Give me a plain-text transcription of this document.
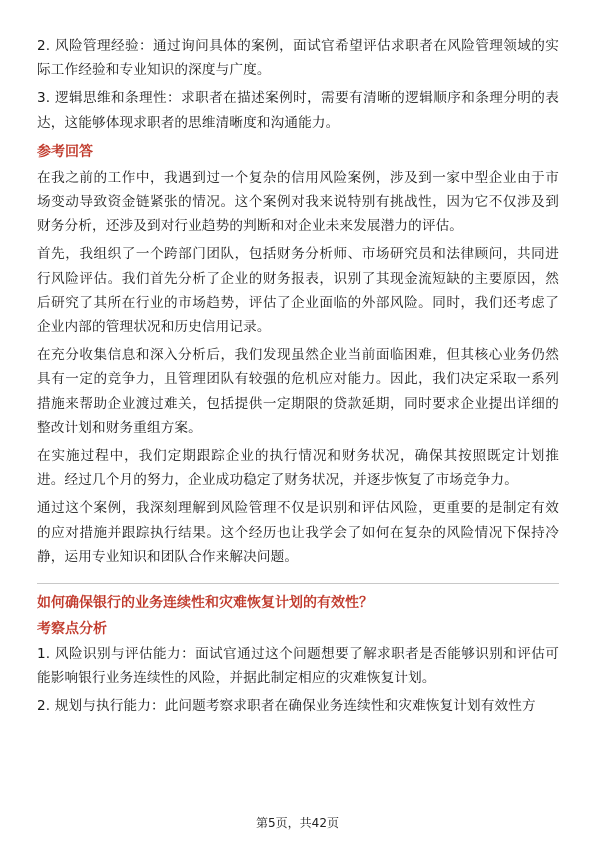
2. 风险管理经验：通过询问具体的案例，面试官希望评估求职者在风险管理领域的实际工作经验和专业知识的深度与广度。

3. 逻辑思维和条理性：求职者在描述案例时，需要有清晰的逻辑顺序和条理分明的表达，这能够体现求职者的思维清晰度和沟通能力。

参考回答

在我之前的工作中，我遇到过一个复杂的信用风险案例，涉及到一家中型企业由于市场变动导致资金链紧张的情况。这个案例对我来说特别有挑战性，因为它不仅涉及到财务分析，还涉及到对行业趋势的判断和对企业未来发展潜力的评估。

首先，我组织了一个跨部门团队，包括财务分析师、市场研究员和法律顾问，共同进行风险评估。我们首先分析了企业的财务报表，识别了其现金流短缺的主要原因，然后研究了其所在行业的市场趋势，评估了企业面临的外部风险。同时，我们还考虑了企业内部的管理状况和历史信用记录。

在充分收集信息和深入分析后，我们发现虽然企业当前面临困难，但其核心业务仍然具有一定的竞争力，且管理团队有较强的危机应对能力。因此，我们决定采取一系列措施来帮助企业渡过难关，包括提供一定期限的贷款延期，同时要求企业提出详细的整改计划和财务重组方案。

在实施过程中，我们定期跟踪企业的执行情况和财务状况，确保其按照既定计划推进。经过几个月的努力，企业成功稳定了财务状况，并逐步恢复了市场竞争力。

通过这个案例，我深刻理解到风险管理不仅是识别和评估风险，更重要的是制定有效的应对措施并跟踪执行结果。这个经历也让我学会了如何在复杂的风险情况下保持冷静，运用专业知识和团队合作来解决问题。

如何确保银行的业务连续性和灾难恢复计划的有效性？
考察点分析

1. 风险识别与评估能力：面试官通过这个问题想要了解求职者是否能够识别和评估可能影响银行业务连续性的风险，并据此制定相应的灾难恢复计划。

2. 规划与执行能力：此问题考察求职者在确保业务连续性和灾难恢复计划有效性方

第5页，共42页
